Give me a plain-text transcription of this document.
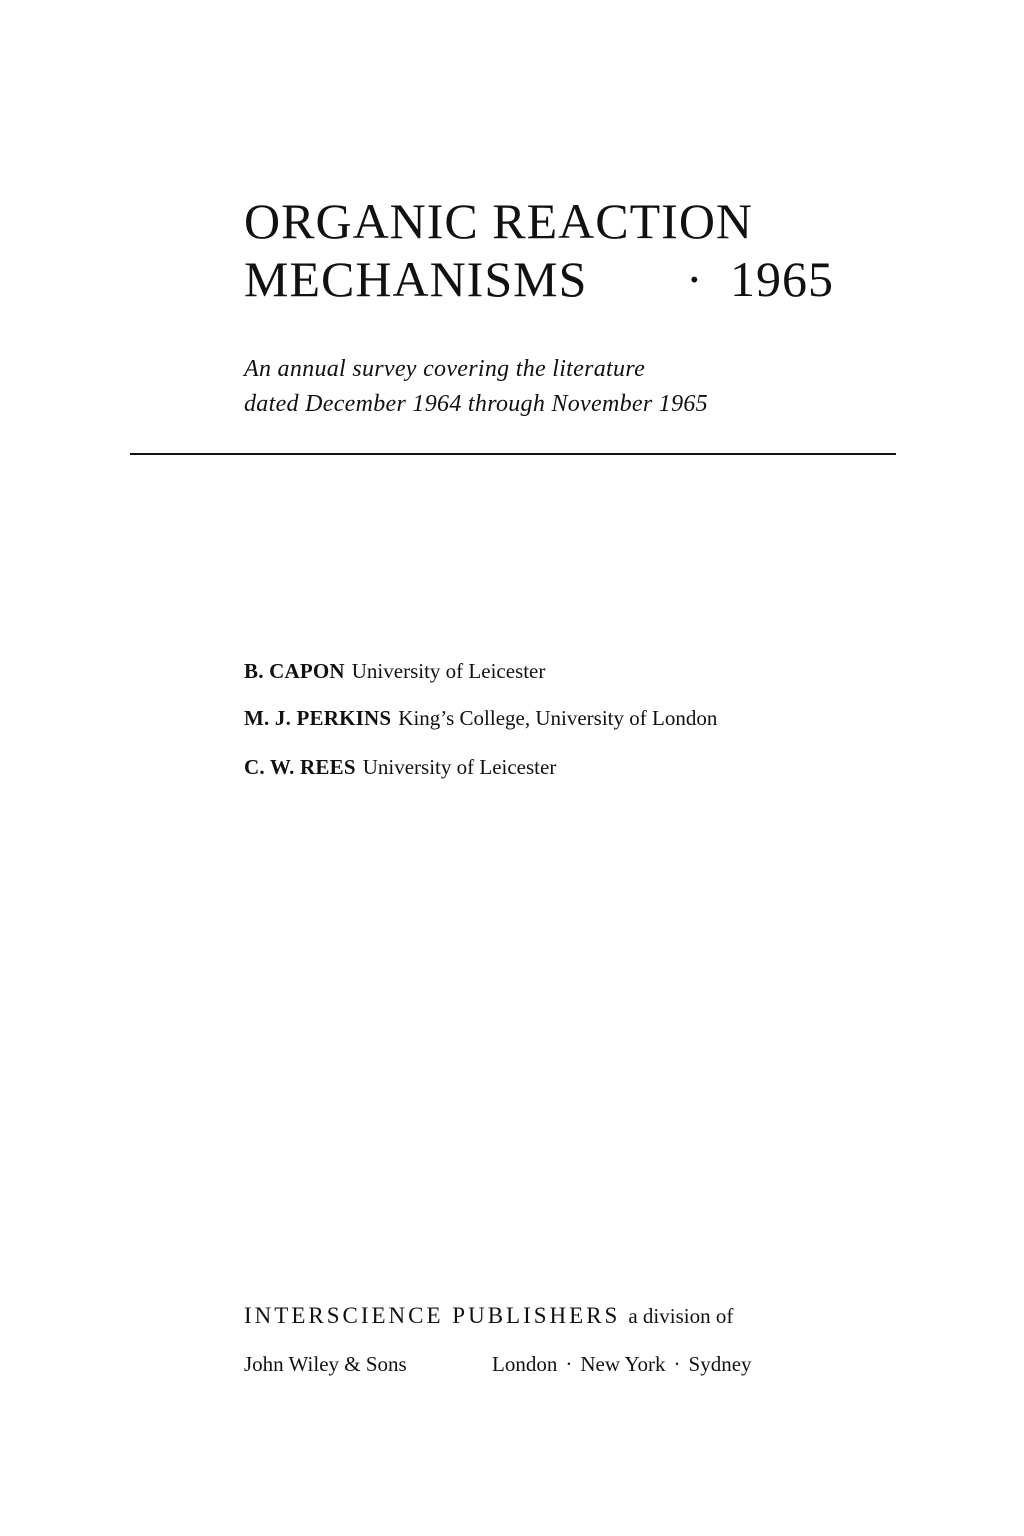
ORGANIC REACTION
MECHANISMS · 1965
An annual survey covering the literature
dated December 1964 through November 1965
B. CAPON University of Leicester
M. J. PERKINS King’s College, University of London
C. W. REES University of Leicester
INTERSCIENCE PUBLISHERS a division of
John Wiley & Sons	London · New York · Sydney
